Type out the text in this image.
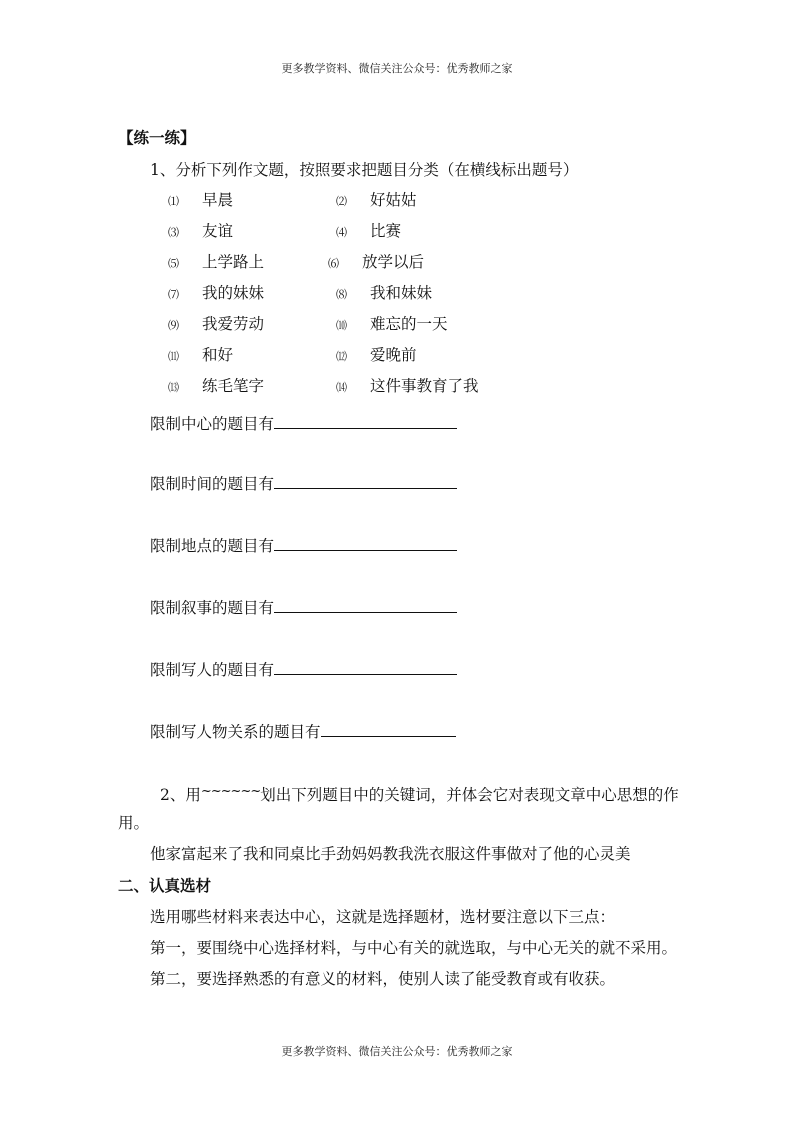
更多教学资料、微信关注公众号：优秀教师之家
【练一练】
1、分析下列作文题，按照要求把题目分类（在横线标出题号）
⑴ 早晨	⑵ 好姑姑
⑶ 友谊	⑷ 比赛
⑸ 上学路上	⑹ 放学以后
⑺ 我的妹妹	⑻ 我和妹妹
⑼ 我爱劳动	⑽ 难忘的一天
⑾ 和好	⑿ 爱晚前
⒀ 练毛笔字	⒁ 这件事教育了我
限制中心的题目有
限制时间的题目有
限制地点的题目有
限制叙事的题目有
限制写人的题目有
限制写人物关系的题目有
2、用~~~~~~划出下列题目中的关键词，并体会它对表现文章中心思想的作
用。
他家富起来了我和同桌比手劲妈妈教我洗衣服这件事做对了他的心灵美
二、认真选材
选用哪些材料来表达中心，这就是选择题材，选材要注意以下三点：
第一，要围绕中心选择材料，与中心有关的就选取，与中心无关的就不采用。
第二，要选择熟悉的有意义的材料，使别人读了能受教育或有收获。
更多教学资料、微信关注公众号：优秀教师之家
